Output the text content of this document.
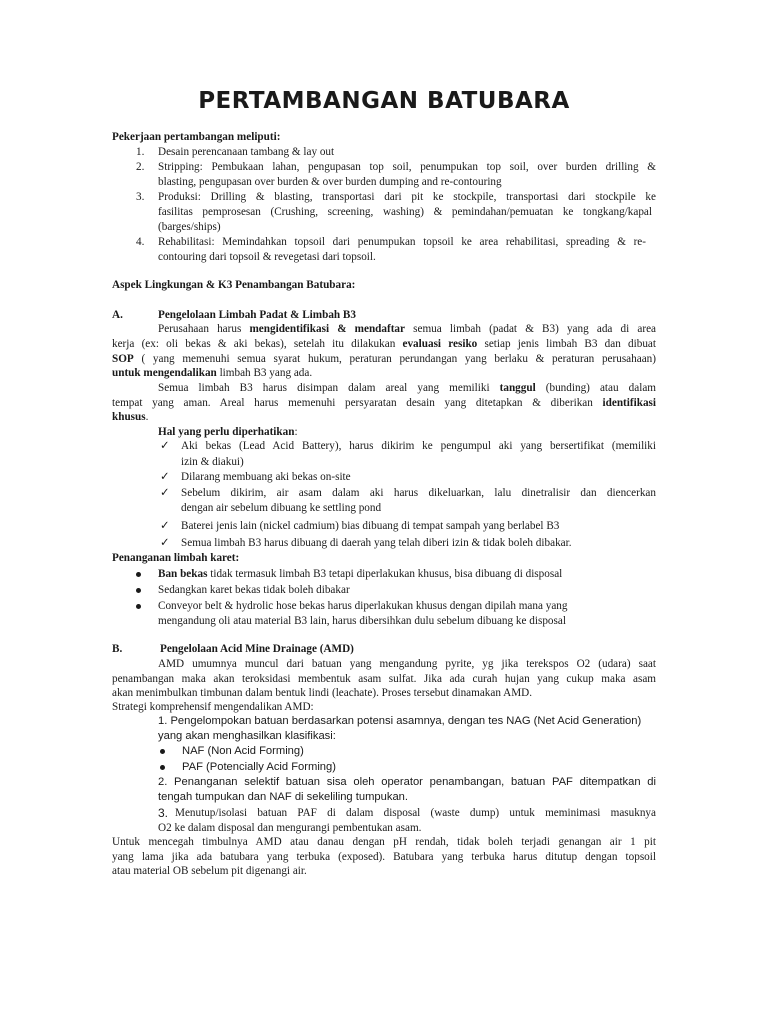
PERTAMBANGAN BATUBARA
Pekerjaan pertambangan meliputi:
1. Desain perencanaan tambang & lay out
2. Stripping: Pembukaan lahan, pengupasan top soil, penumpukan top soil, over burden drilling &
blasting, pengupasan over burden & over burden dumping and re-contouring
3. Produksi: Drilling & blasting, transportasi dari pit ke stockpile, transportasi dari stockpile ke
fasilitas pemprosesan (Crushing, screening, washing) & pemindahan/pemuatan ke tongkang/kapal
(barges/ships)
4. Rehabilitasi: Memindahkan topsoil dari penumpukan topsoil ke area rehabilitasi, spreading & re-
contouring dari topsoil & revegetasi dari topsoil.
Aspek Lingkungan & K3 Penambangan Batubara:
A.	Pengelolaan Limbah Padat & Limbah B3
Perusahaan harus mengidentifikasi & mendaftar semua limbah (padat & B3) yang ada di area
kerja (ex: oli bekas & aki bekas), setelah itu dilakukan evaluasi resiko setiap jenis limbah B3 dan dibuat
SOP ( yang memenuhi semua syarat hukum, peraturan perundangan yang berlaku & peraturan perusahaan)
untuk mengendalikan limbah B3 yang ada.
Semua limbah B3 harus disimpan dalam areal yang memiliki tanggul (bunding) atau dalam
tempat yang aman. Areal harus memenuhi persyaratan desain yang ditetapkan & diberikan identifikasi
khusus.
Hal yang perlu diperhatikan:
✓ Aki bekas (Lead Acid Battery), harus dikirim ke pengumpul aki yang bersertifikat (memiliki
izin & diakui)
✓ Dilarang membuang aki bekas on-site
✓ Sebelum dikirim, air asam dalam aki harus dikeluarkan, lalu dinetralisir dan diencerkan
dengan air sebelum dibuang ke settling pond
✓ Baterei jenis lain (nickel cadmium) bias dibuang di tempat sampah yang berlabel B3
✓ Semua limbah B3 harus dibuang di daerah yang telah diberi izin & tidak boleh dibakar.
Penanganan limbah karet:
Ban bekas tidak termasuk limbah B3 tetapi diperlakukan khusus, bisa dibuang di disposal
Sedangkan karet bekas tidak boleh dibakar
Conveyor belt & hydrolic hose bekas harus diperlakukan khusus dengan dipilah mana yang
mengandung oli atau material B3 lain, harus dibersihkan dulu sebelum dibuang ke disposal
B.	Pengelolaan Acid Mine Drainage (AMD)
AMD umumnya muncul dari batuan yang mengandung pyrite, yg jika terekspos O2 (udara) saat
penambangan maka akan teroksidasi membentuk asam sulfat. Jika ada curah hujan yang cukup maka asam
akan menimbulkan timbunan dalam bentuk lindi (leachate). Proses tersebut dinamakan AMD.
Strategi komprehensif mengendalikan AMD:
1. Pengelompokan batuan berdasarkan potensi asamnya, dengan tes NAG (Net Acid Generation)
yang akan menghasilkan klasifikasi:
NAF (Non Acid Forming)
PAF (Potencially Acid Forming)
2. Penanganan selektif batuan sisa oleh operator penambangan, batuan PAF ditempatkan di
tengah tumpukan dan NAF di sekeliling tumpukan.
3. Menutup/isolasi batuan PAF di dalam disposal (waste dump) untuk meminimasi masuknya
O2 ke dalam disposal dan mengurangi pembentukan asam.
Untuk mencegah timbulnya AMD atau danau dengan pH rendah, tidak boleh terjadi genangan air 1 pit
yang lama jika ada batubara yang terbuka (exposed). Batubara yang terbuka harus ditutup dengan topsoil
atau material OB sebelum pit digenangi air.
